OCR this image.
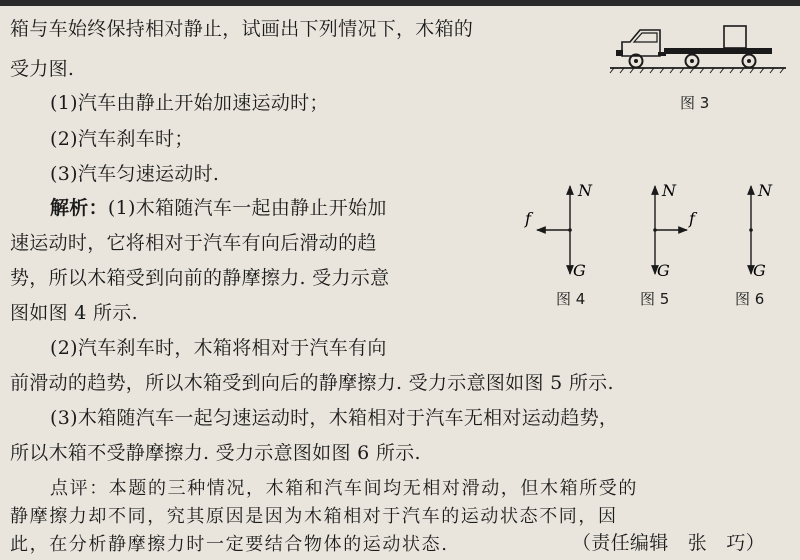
箱与车始终保持相对静止，试画出下列情况下，木箱的
受力图.
(1)汽车由静止开始加速运动时；
(2)汽车刹车时；
(3)汽车匀速运动时.
解析：(1)木箱随汽车一起由静止开始加
速运动时，它将相对于汽车有向后滑动的趋
势，所以木箱受到向前的静摩擦力. 受力示意
图如图 4 所示.
(2)汽车刹车时，木箱将相对于汽车有向
前滑动的趋势，所以木箱受到向后的静摩擦力. 受力示意图如图 5 所示.
(3)木箱随汽车一起匀速运动时，木箱相对于汽车无相对运动趋势，
所以木箱不受静摩擦力. 受力示意图如图 6 所示.
点评：本题的三种情况，木箱和汽车间均无相对滑动，但木箱所受的
静摩擦力却不同，究其原因是因为木箱相对于汽车的运动状态不同，因
此，在分析静摩擦力时一定要结合物体的运动状态.	（责任编辑　张　巧）
图 3
N
G
f
N
G
f
N
G
图 4	图 5	图 6
